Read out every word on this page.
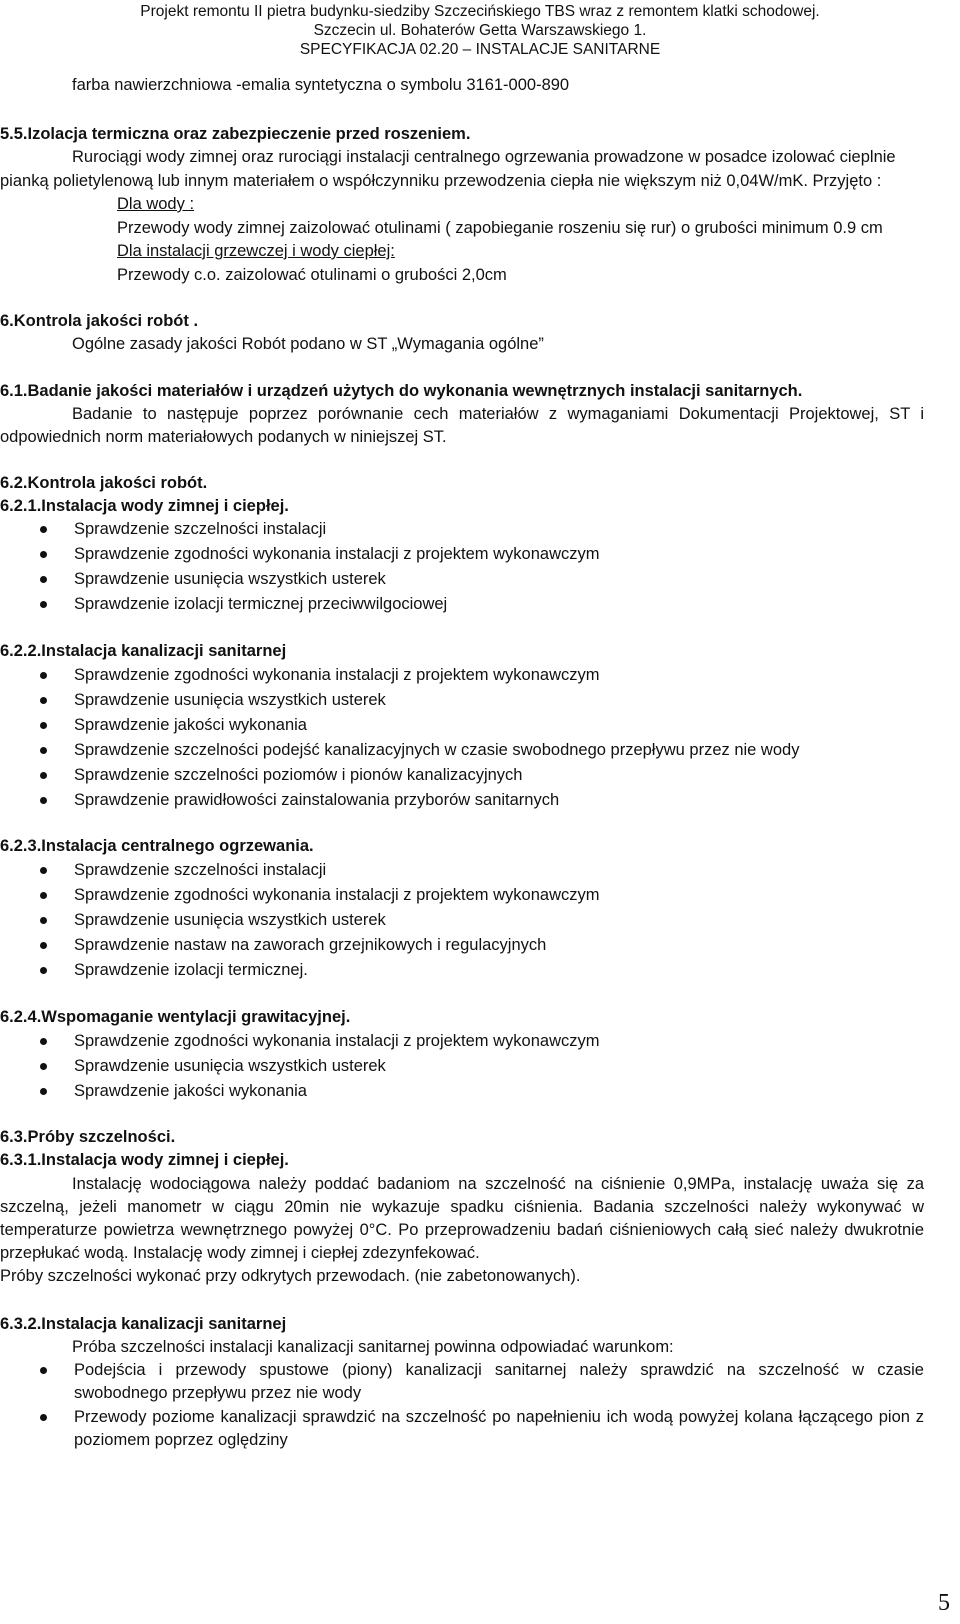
Projekt remontu II pietra budynku-siedziby Szczecińskiego TBS wraz z remontem klatki schodowej.
Szczecin ul. Bohaterów Getta Warszawskiego 1.
SPECYFIKACJA 02.20 – INSTALACJE SANITARNE
farba nawierzchniowa -emalia syntetyczna o symbolu 3161-000-890
5.5.Izolacja termiczna oraz zabezpieczenie przed roszeniem.
Rurociągi wody zimnej oraz rurociągi instalacji centralnego ogrzewania prowadzone w posadce izolować cieplnie
pianką polietylenową lub innym materiałem o współczynniku przewodzenia ciepła nie większym niż 0,04W/mK. Przyjęto :
Dla wody :
Przewody wody zimnej zaizolować otulinami ( zapobieganie roszeniu się rur) o grubości minimum 0.9 cm
Dla instalacji grzewczej i wody ciepłej:
Przewody c.o. zaizolować otulinami o grubości 2,0cm
6.Kontrola jakości robót .
Ogólne zasady jakości Robót podano w ST „Wymagania ogólne”
6.1.Badanie jakości materiałów i urządzeń użytych do wykonania wewnętrznych instalacji sanitarnych.
Badanie to następuje poprzez porównanie cech materiałów z wymaganiami Dokumentacji Projektowej, ST i
odpowiednich norm materiałowych podanych w niniejszej ST.
6.2.Kontrola jakości robót.
6.2.1.Instalacja wody zimnej i ciepłej.
Sprawdzenie szczelności instalacji
Sprawdzenie zgodności wykonania instalacji z projektem wykonawczym
Sprawdzenie usunięcia wszystkich usterek
Sprawdzenie izolacji termicznej przeciwwilgociowej
6.2.2.Instalacja kanalizacji sanitarnej
Sprawdzenie zgodności wykonania instalacji z projektem wykonawczym
Sprawdzenie usunięcia wszystkich usterek
Sprawdzenie jakości wykonania
Sprawdzenie szczelności podejść kanalizacyjnych w czasie swobodnego przepływu przez nie wody
Sprawdzenie szczelności poziomów i pionów kanalizacyjnych
Sprawdzenie prawidłowości zainstalowania przyborów sanitarnych
6.2.3.Instalacja centralnego ogrzewania.
Sprawdzenie szczelności instalacji
Sprawdzenie zgodności wykonania instalacji z projektem wykonawczym
Sprawdzenie usunięcia wszystkich usterek
Sprawdzenie nastaw na zaworach grzejnikowych i regulacyjnych
Sprawdzenie izolacji termicznej.
6.2.4.Wspomaganie wentylacji grawitacyjnej.
Sprawdzenie zgodności wykonania instalacji z projektem wykonawczym
Sprawdzenie usunięcia wszystkich usterek
Sprawdzenie jakości wykonania
6.3.Próby szczelności.
6.3.1.Instalacja wody zimnej i ciepłej.
Instalację wodociągowa należy poddać badaniom na szczelność na ciśnienie 0,9MPa, instalację uważa się za
szczelną, jeżeli manometr w ciągu 20min nie wykazuje spadku ciśnienia. Badania szczelności należy wykonywać w
temperaturze powietrza wewnętrznego powyżej 0°C. Po przeprowadzeniu badań ciśnieniowych całą sieć należy dwukrotnie
przepłukać wodą. Instalację wody zimnej i ciepłej zdezynfekować.
Próby szczelności wykonać przy odkrytych przewodach. (nie zabetonowanych).
6.3.2.Instalacja kanalizacji sanitarnej
Próba szczelności instalacji kanalizacji sanitarnej powinna odpowiadać warunkom:
Podejścia i przewody spustowe (piony) kanalizacji sanitarnej należy sprawdzić na szczelność w czasie
swobodnego przepływu przez nie wody
Przewody poziome kanalizacji sprawdzić na szczelność po napełnieniu ich wodą powyżej kolana łączącego pion z
poziomem poprzez oględziny
5
